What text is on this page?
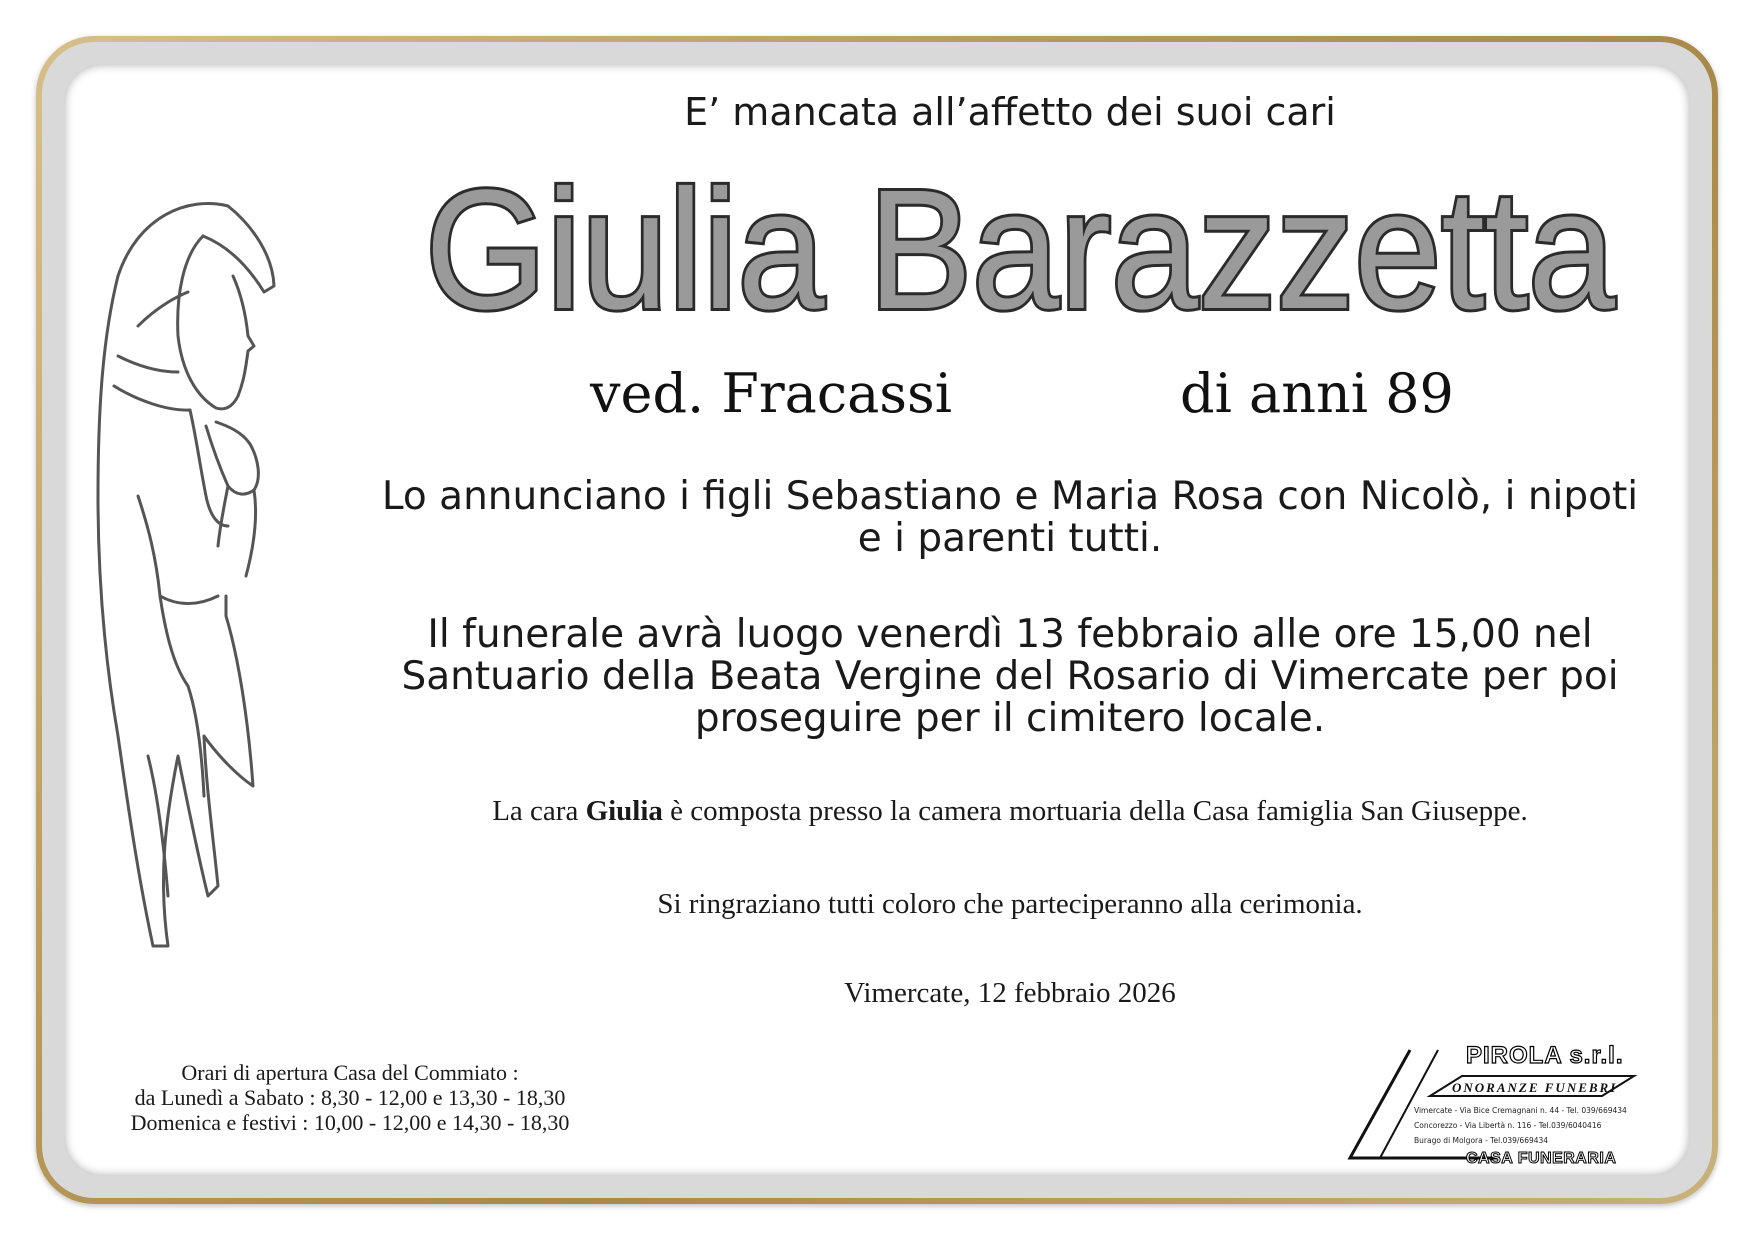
E’ mancata all’affetto dei suoi cari
Giulia Barazzetta
ved. Fracassi	di anni 89
Lo annunciano i figli Sebastiano e Maria Rosa con Nicolò, i nipoti e i parenti tutti.
Il funerale avrà luogo venerdì 13 febbraio alle ore 15,00 nel Santuario della Beata Vergine del Rosario di Vimercate per poi proseguire per il cimitero locale.
La cara Giulia è composta presso la camera mortuaria della Casa famiglia San Giuseppe.
Si ringraziano tutti coloro che parteciperanno alla cerimonia.
Vimercate, 12 febbraio 2026
Orari di apertura Casa del Commiato :
da Lunedì a Sabato : 8,30 - 12,00 e 13,30 - 18,30
Domenica e festivi : 10,00 - 12,00 e 14,30 - 18,30
PIROLA s.r.l.
ONORANZE FUNEBRI
Vimercate - Via Bice Cremagnani n. 44 - Tel. 039/669434
Concorezzo - Via Libertà n. 116 - Tel.039/6040416
Burago di Molgora - Tel.039/669434
CASA FUNERARIA
